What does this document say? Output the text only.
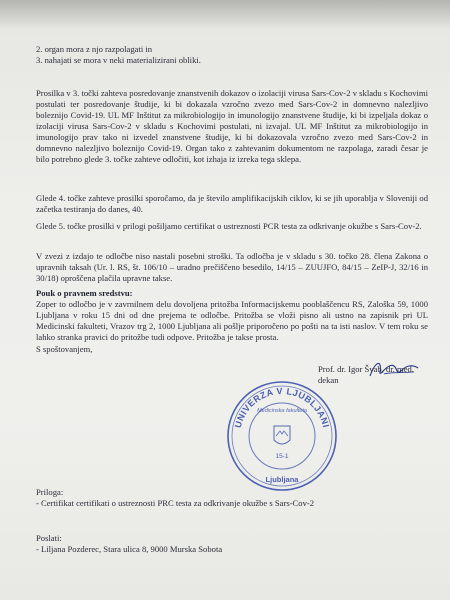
2. organ mora z njo razpolagati in

3. nahajati se mora v neki materializirani obliki.

Prosilka v 3. točki zahteva posredovanje znanstvenih dokazov o izolaciji virusa Sars-Cov-2 v skladu s Kochovimi postulati ter posredovanje študije, ki bi dokazala vzročno zvezo med Sars-Cov-2 in domnevno nalezljivo boleznijo Covid-19. UL MF Inštitut za mikrobiologijo in imunologijo znanstvene študije, ki bi izpeljala dokaz o izolaciji virusa Sars-Cov-2 v skladu s Kochovimi postulati, ni izvajal. UL MF Inštitut za mikrobiologijo in imunologijo prav tako ni izvedel znanstvene študije, ki bi dokazovala vzročno zvezo med Sars-Cov-2 in domnevno nalezljivo boleznijo Covid-19. Organ tako z zahtevanim dokumentom ne razpolaga, zaradi česar je bilo potrebno glede 3. točke zahteve odločiti, kot izhaja iz izreka tega sklepa.

Glede 4. točke zahteve prosilki sporočamo, da je število amplifikacijskih ciklov, ki se jih uporablja v Sloveniji od začetka testiranja do danes, 40.

Glede 5. točke prosilki v prilogi pošiljamo certifikat o ustreznosti PCR testa za odkrivanje okužbe s Sars-Cov-2.

V zvezi z izdajo te odločbe niso nastali posebni stroški. Ta odločba je v skladu s 30. točko 28. člena Zakona o upravnih taksah (Ur. l. RS, št. 106/10 – uradno prečiščeno besedilo, 14/15 – ZUUJFO, 84/15 – ZeIP-J, 32/16 in 30/18) oproščena plačila upravne takse.

Pouk o pravnem sredstvu:

Zoper to odločbo je v zavrnilnem delu dovoljena pritožba Informacijskemu pooblaščencu RS, Zaloška 59, 1000 Ljubljana v roku 15 dni od dne prejema te odločbe. Pritožba se vloži pisno ali ustno na zapisnik pri UL Medicinski fakulteti, Vrazov trg 2, 1000 Ljubljana ali pošlje priporočeno po pošti na ta isti naslov. V tem roku se lahko stranka pravici do pritožbe tudi odpove. Pritožba je takse prosta.

S spoštovanjem,
Prof. dr. Igor Švab, dr. med.
dekan
UNIVERZA V LJUBLJANI
Medicinska fakulteta
15-1
Ljubljana

Priloga:

- Certifikat certifikati o ustreznosti PRC testa za odkrivanje okužbe s Sars-Cov-2

Poslati:

- Liljana Pozderec, Stara ulica 8, 9000 Murska Sobota
